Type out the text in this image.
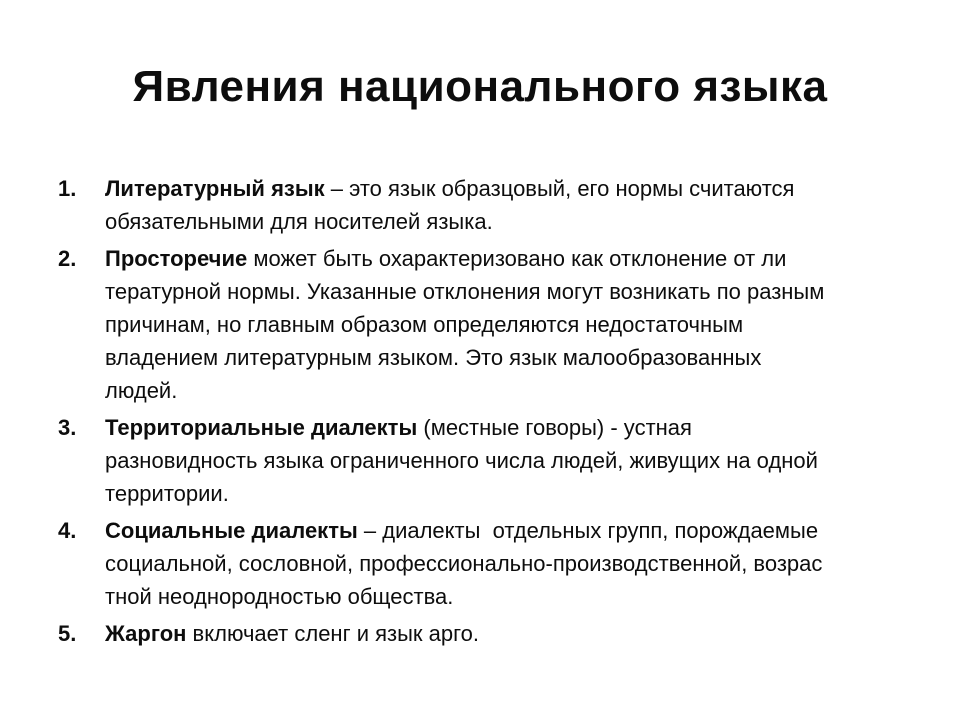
Явления национального языка
1.	Литературный язык – это язык образцовый, его нормы считаются
обязательными для носителей языка.
2.	Просторечие может быть охарактеризовано как отклонение от ли
тературной нормы. Указанные отклонения могут возникать по разным
причинам, но главным образом определяются недостаточным
владением литературным языком. Это язык малообразованных
людей.
3.	Территориальные диалекты (местные говоры) - устная
разновидность языка ограниченного числа людей, живущих на одной
территории.
4.	Социальные диалекты – диалекты  отдельных групп, порождаемые
социальной, сословной, профессионально-производственной, возрас
тной неоднородностью общества.
5.	Жаргон включает сленг и язык арго.
